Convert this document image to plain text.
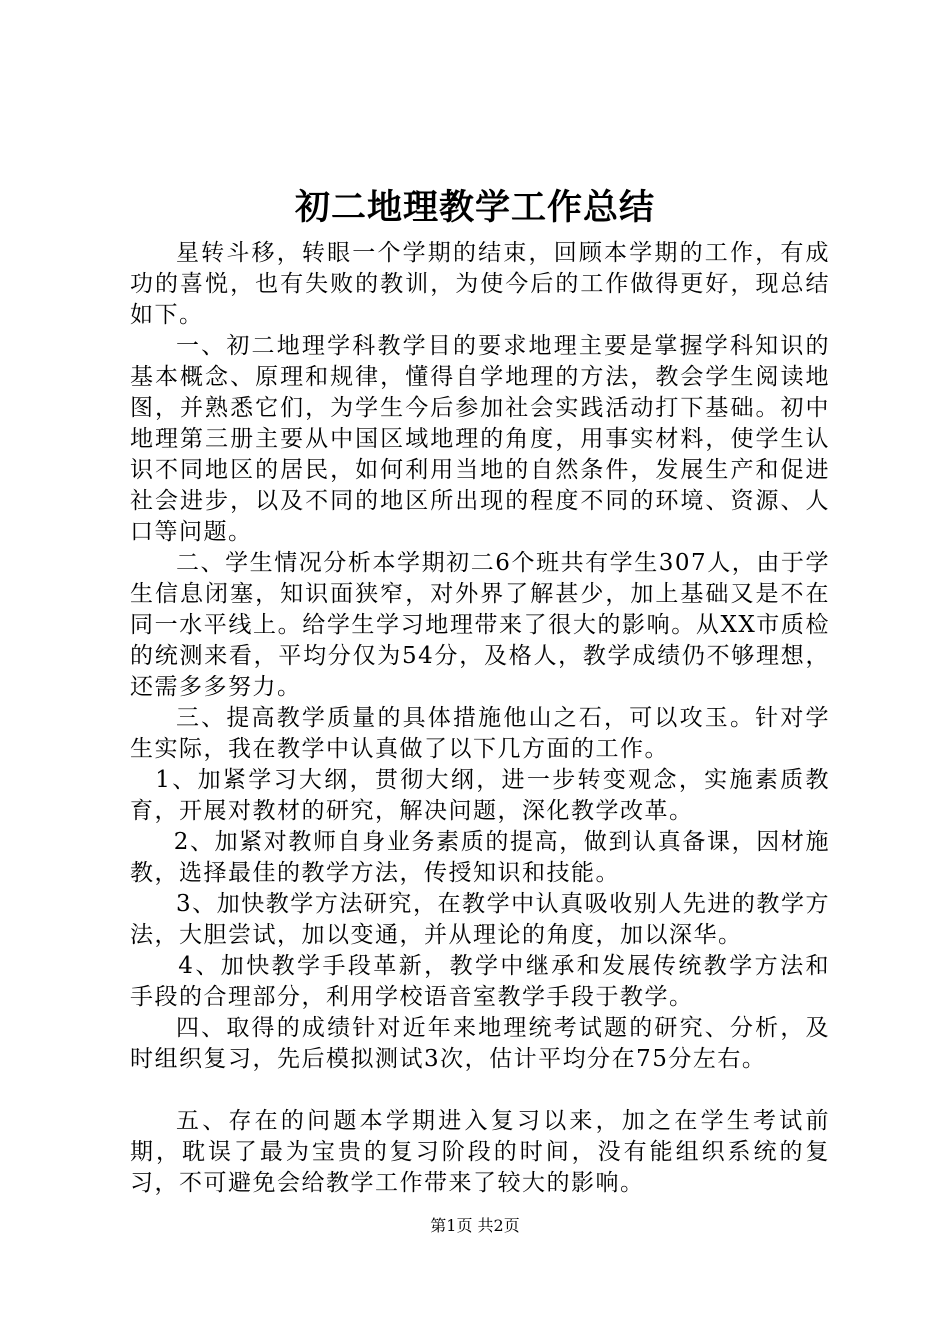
初二地理教学工作总结

星转斗移，转眼一个学期的结束，回顾本学期的工作，有成功的喜悦，也有失败的教训，为使今后的工作做得更好，现总结如下。

一、初二地理学科教学目的要求地理主要是掌握学科知识的基本概念、原理和规律，懂得自学地理的方法，教会学生阅读地图，并熟悉它们，为学生今后参加社会实践活动打下基础。初中地理第三册主要从中国区域地理的角度，用事实材料，使学生认识不同地区的居民，如何利用当地的自然条件，发展生产和促进社会进步，以及不同的地区所出现的程度不同的环境、资源、人口等问题。

二、学生情况分析本学期初二6个班共有学生307人，由于学生信息闭塞，知识面狭窄，对外界了解甚少，加上基础又是不在同一水平线上。给学生学习地理带来了很大的影响。从XX市质检的统测来看，平均分仅为54分，及格人，教学成绩仍不够理想，还需多多努力。

三、提高教学质量的具体措施他山之石，可以攻玉。针对学生实际，我在教学中认真做了以下几方面的工作。

1、加紧学习大纲，贯彻大纲，进一步转变观念，实施素质教育，开展对教材的研究，解决问题，深化教学改革。

2、加紧对教师自身业务素质的提高，做到认真备课，因材施教，选择最佳的教学方法，传授知识和技能。

3、加快教学方法研究，在教学中认真吸收别人先进的教学方法，大胆尝试，加以变通，并从理论的角度，加以深华。

4、加快教学手段革新，教学中继承和发展传统教学方法和手段的合理部分，利用学校语音室教学手段于教学。

四、取得的成绩针对近年来地理统考试题的研究、分析，及时组织复习，先后模拟测试3次，估计平均分在75分左右。

五、存在的问题本学期进入复习以来，加之在学生考试前期，耽误了最为宝贵的复习阶段的时间，没有能组织系统的复习，不可避免会给教学工作带来了较大的影响。

第1页 共2页
